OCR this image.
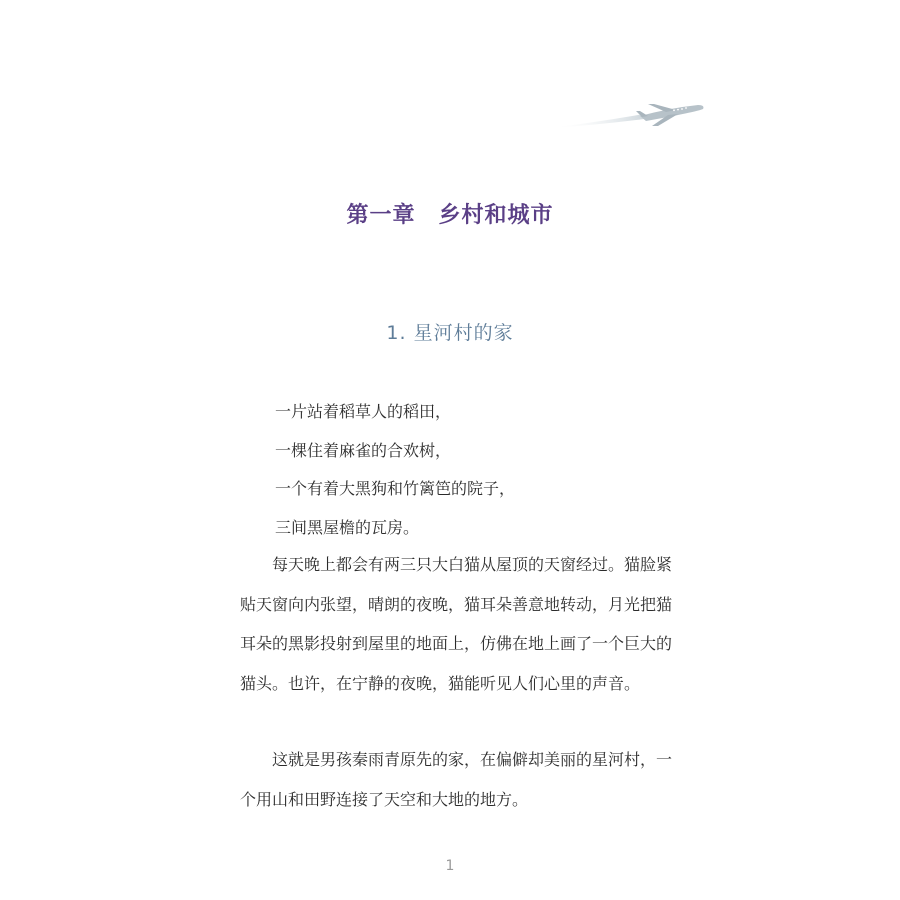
第一章　乡村和城市
1. 星河村的家
一片站着稻草人的稻田，
一棵住着麻雀的合欢树，
一个有着大黑狗和竹篱笆的院子，
三间黑屋檐的瓦房。

每天晚上都会有两三只大白猫从屋顶的天窗经过。猫脸紧贴天窗向内张望，晴朗的夜晚，猫耳朵善意地转动，月光把猫耳朵的黑影投射到屋里的地面上，仿佛在地上画了一个巨大的猫头。也许，在宁静的夜晚，猫能听见人们心里的声音。

这就是男孩秦雨青原先的家，在偏僻却美丽的星河村，一个用山和田野连接了天空和大地的地方。

1
